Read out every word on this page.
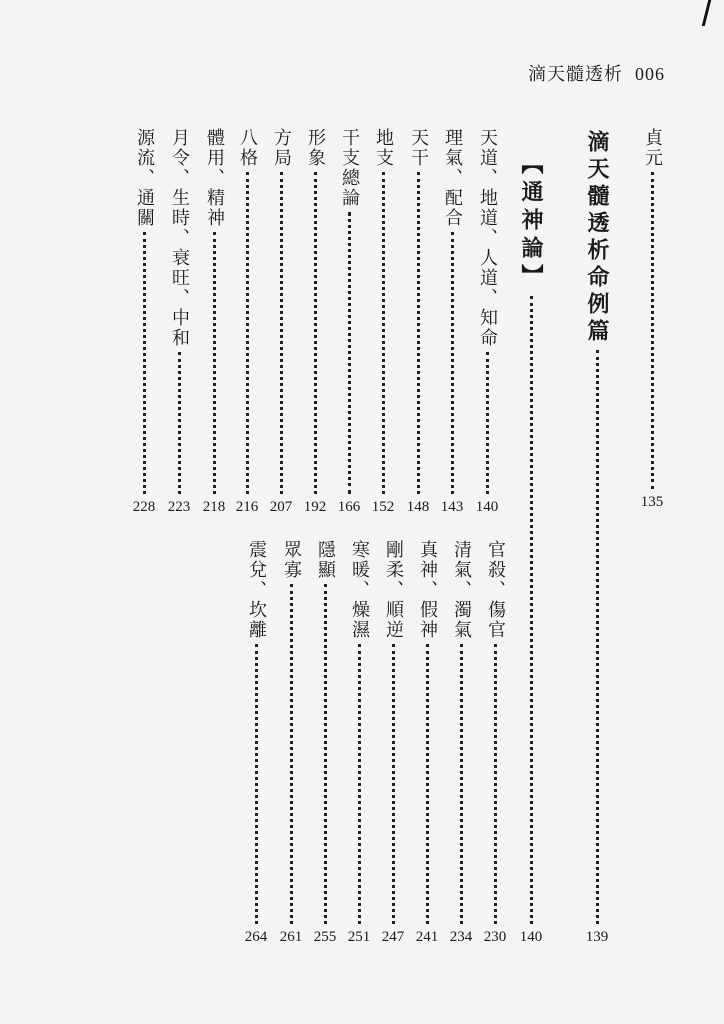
滴天髓透析 006
貞元
135
滴天髓透析命例篇
139
【通神論】
140
天道、地道、人道、知命
140
理氣、配合
143
天干
148
地支
152
干支總論
166
形象
192
方局
207
八格
216
體用、精神
218
月令、生時、衰旺、中和
223
源流、通關
228
官殺、傷官
230
清氣、濁氣
234
真神、假神
241
剛柔、順逆
247
寒暖、燥濕
251
隱顯
255
眾寡
261
震兌、坎離
264
